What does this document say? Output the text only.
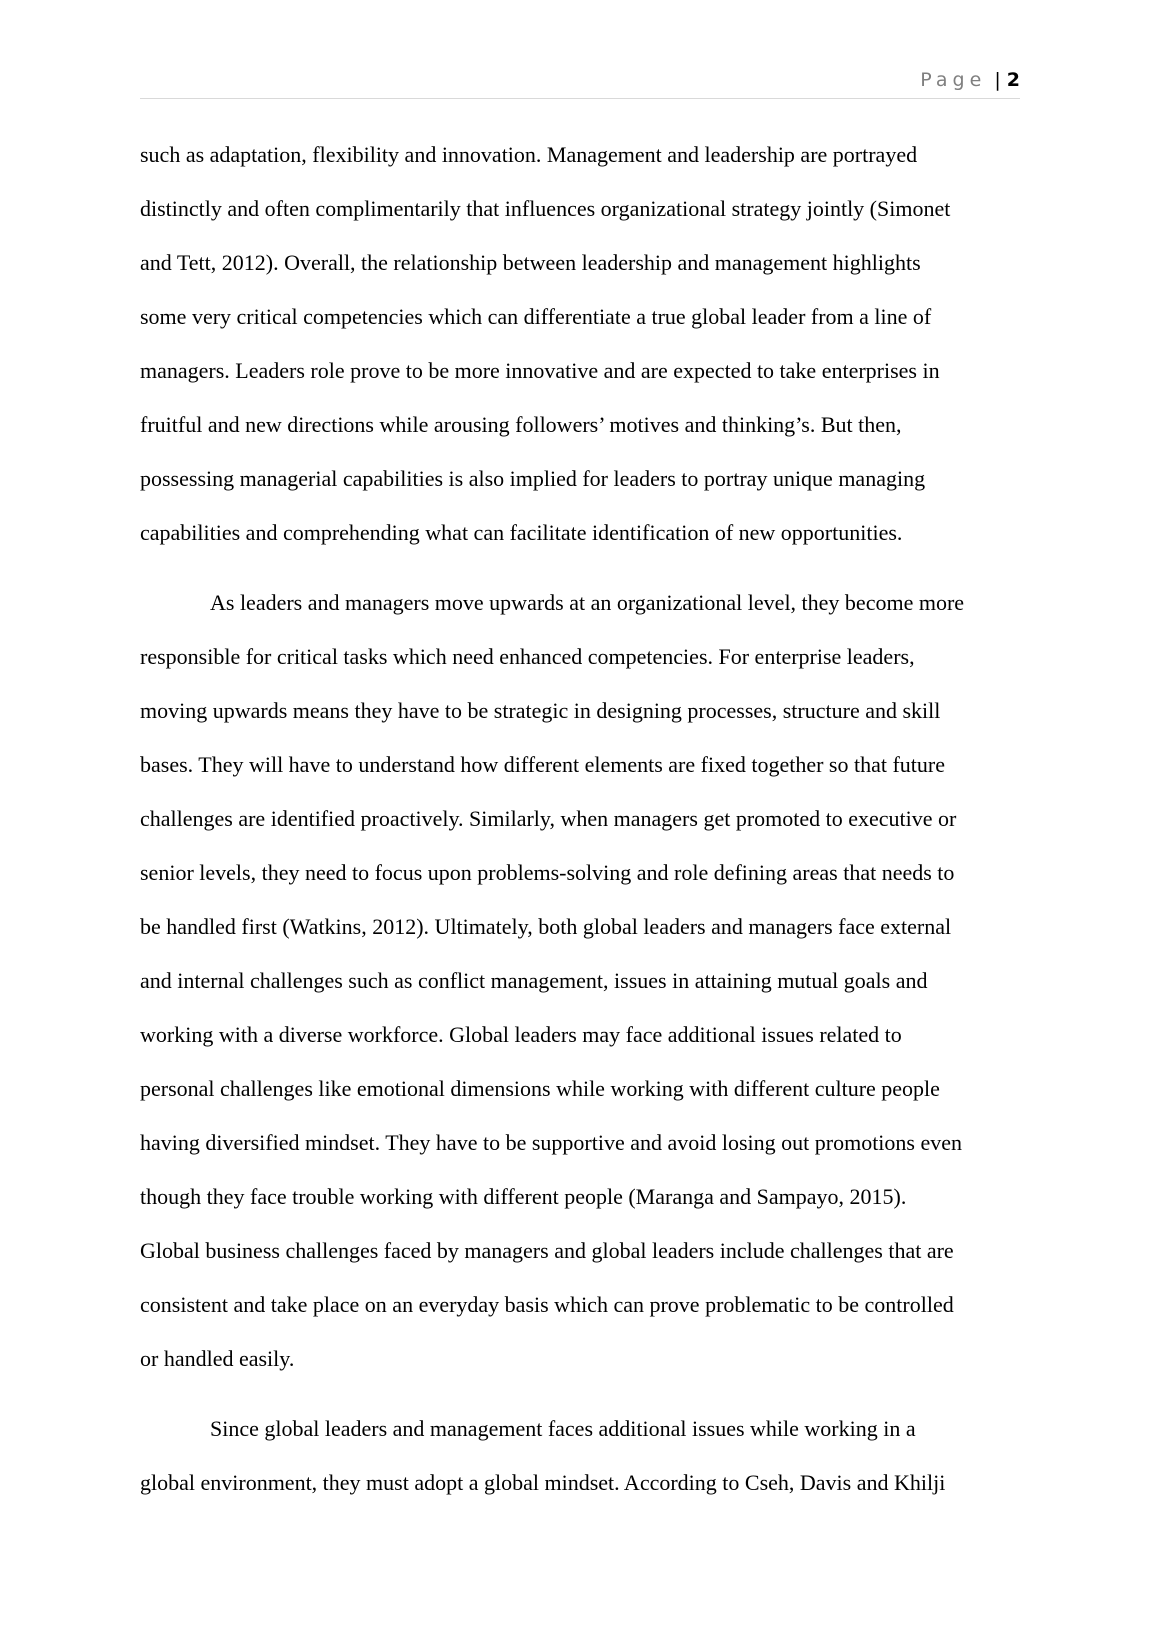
Page | 2
such as adaptation, flexibility and innovation. Management and leadership are portrayed
distinctly and often complimentarily that influences organizational strategy jointly (Simonet
and Tett, 2012). Overall, the relationship between leadership and management highlights
some very critical competencies which can differentiate a true global leader from a line of
managers. Leaders role prove to be more innovative and are expected to take enterprises in
fruitful and new directions while arousing followers’ motives and thinking’s. But then,
possessing managerial capabilities is also implied for leaders to portray unique managing
capabilities and comprehending what can facilitate identification of new opportunities.
As leaders and managers move upwards at an organizational level, they become more
responsible for critical tasks which need enhanced competencies. For enterprise leaders,
moving upwards means they have to be strategic in designing processes, structure and skill
bases. They will have to understand how different elements are fixed together so that future
challenges are identified proactively. Similarly, when managers get promoted to executive or
senior levels, they need to focus upon problems-solving and role defining areas that needs to
be handled first (Watkins, 2012). Ultimately, both global leaders and managers face external
and internal challenges such as conflict management, issues in attaining mutual goals and
working with a diverse workforce. Global leaders may face additional issues related to
personal challenges like emotional dimensions while working with different culture people
having diversified mindset. They have to be supportive and avoid losing out promotions even
though they face trouble working with different people (Maranga and Sampayo, 2015).
Global business challenges faced by managers and global leaders include challenges that are
consistent and take place on an everyday basis which can prove problematic to be controlled
or handled easily.
Since global leaders and management faces additional issues while working in a
global environment, they must adopt a global mindset. According to Cseh, Davis and Khilji
